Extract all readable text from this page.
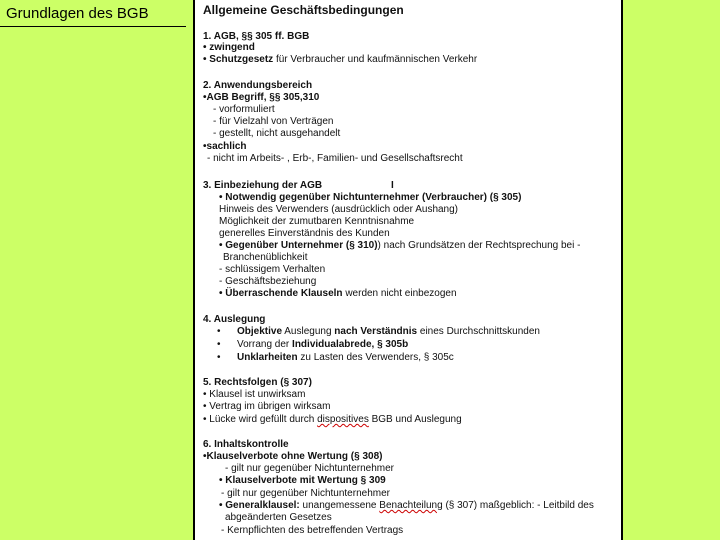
Grundlagen des BGB	Allgemeine Geschäftsbedingungen
1. AGB, §§ 305 ff. BGB
• zwingend
• Schutzgesetz für Verbraucher und kaufmännischen Verkehr
2. Anwendungsbereich
•AGB Begriff, §§ 305,310
- vorformuliert
- für Vielzahl von Verträgen
- gestellt, nicht ausgehandelt
•sachlich
- nicht im Arbeits- , Erb-, Familien- und Gesellschaftsrecht
3. Einbeziehung der AGB	I
• Notwendig gegenüber Nichtunternehmer (Verbraucher) (§ 305)
Hinweis des Verwenders (ausdrücklich oder Aushang)
Möglichkeit der zumutbaren Kenntnisnahme
generelles Einverständnis des Kunden
• Gegenüber Unternehmer (§ 310)) nach Grundsätzen der Rechtsprechung bei -
Branchenüblichkeit
- schlüssigem Verhalten
- Geschäftsbeziehung
• Überraschende Klauseln werden nicht einbezogen
4. Auslegung
• Objektive Auslegung nach Verständnis eines Durchschnittskunden
• Vorrang der Individualabrede, § 305b
• Unklarheiten zu Lasten des Verwenders, § 305c
5. Rechtsfolgen (§ 307)
• Klausel ist unwirksam
• Vertrag im übrigen wirksam
• Lücke wird gefüllt durch dispositives BGB und Auslegung
6. Inhaltskontrolle
•Klauselverbote ohne Wertung (§ 308)
- gilt nur gegenüber Nichtunternehmer
• Klauselverbote mit Wertung § 309
- gilt nur gegenüber Nichtunternehmer
• Generalklausel: unangemessene Benachteilung (§ 307) maßgeblich: - Leitbild des
abgeänderten Gesetzes
- Kernpflichten des betreffenden Vertrags
